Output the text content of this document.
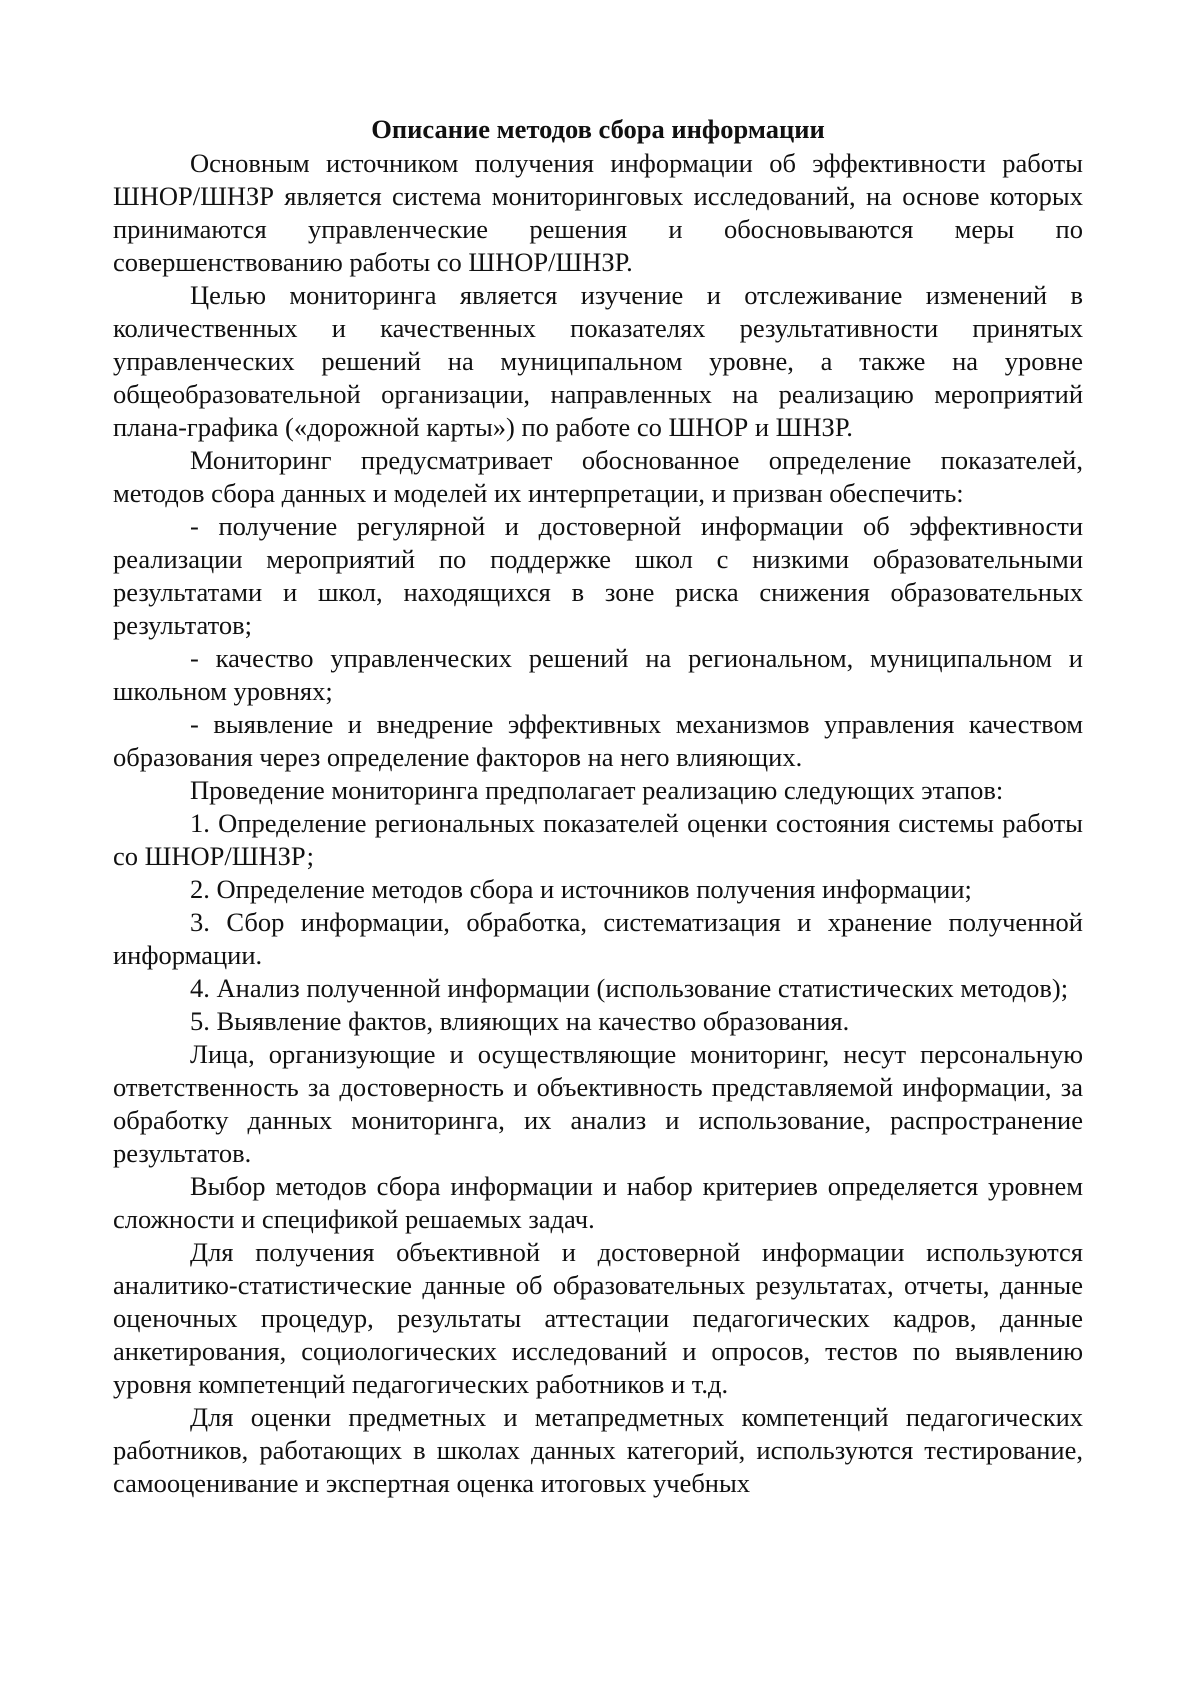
Описание методов сбора информации

Основным источником получения информации об эффективности работы ШНОР/ШНЗР является система мониторинговых исследований, на основе которых принимаются управленческие решения и обосновываются меры по совершенствованию работы со ШНОР/ШНЗР.

Целью мониторинга является изучение и отслеживание изменений в количественных и качественных показателях результативности принятых управленческих решений на муниципальном уровне, а также на уровне общеобразовательной организации, направленных на реализацию мероприятий плана-графика («дорожной карты») по работе со ШНОР и ШНЗР.

Мониторинг предусматривает обоснованное определение показателей, методов сбора данных и моделей их интерпретации, и призван обеспечить:

- получение регулярной и достоверной информации об эффективности реализации мероприятий по поддержке школ с низкими образовательными результатами и школ, находящихся в зоне риска снижения образовательных результатов;

- качество управленческих решений на региональном, муниципальном и школьном уровнях;

- выявление и внедрение эффективных механизмов управления качеством образования через определение факторов на него влияющих.

Проведение мониторинга предполагает реализацию следующих этапов:

1. Определение региональных показателей оценки состояния системы работы со ШНОР/ШНЗР;

2. Определение методов сбора и источников получения информации;

3. Сбор информации, обработка, систематизация и хранение полученной информации.

4. Анализ полученной информации (использование статистических методов);

5. Выявление фактов, влияющих на качество образования.

Лица, организующие и осуществляющие мониторинг, несут персональную ответственность за достоверность и объективность представляемой информации, за обработку данных мониторинга, их анализ и использование, распространение результатов.

Выбор методов сбора информации и набор критериев определяется уровнем сложности и спецификой решаемых задач.

Для получения объективной и достоверной информации используются аналитико-статистические данные об образовательных результатах, отчеты, данные оценочных процедур, результаты аттестации педагогических кадров, данные анкетирования, социологических исследований и опросов, тестов по выявлению уровня компетенций педагогических работников и т.д.

Для оценки предметных и метапредметных компетенций педагогических работников, работающих в школах данных категорий, используются тестирование, самооценивание и экспертная оценка итоговых учебных
